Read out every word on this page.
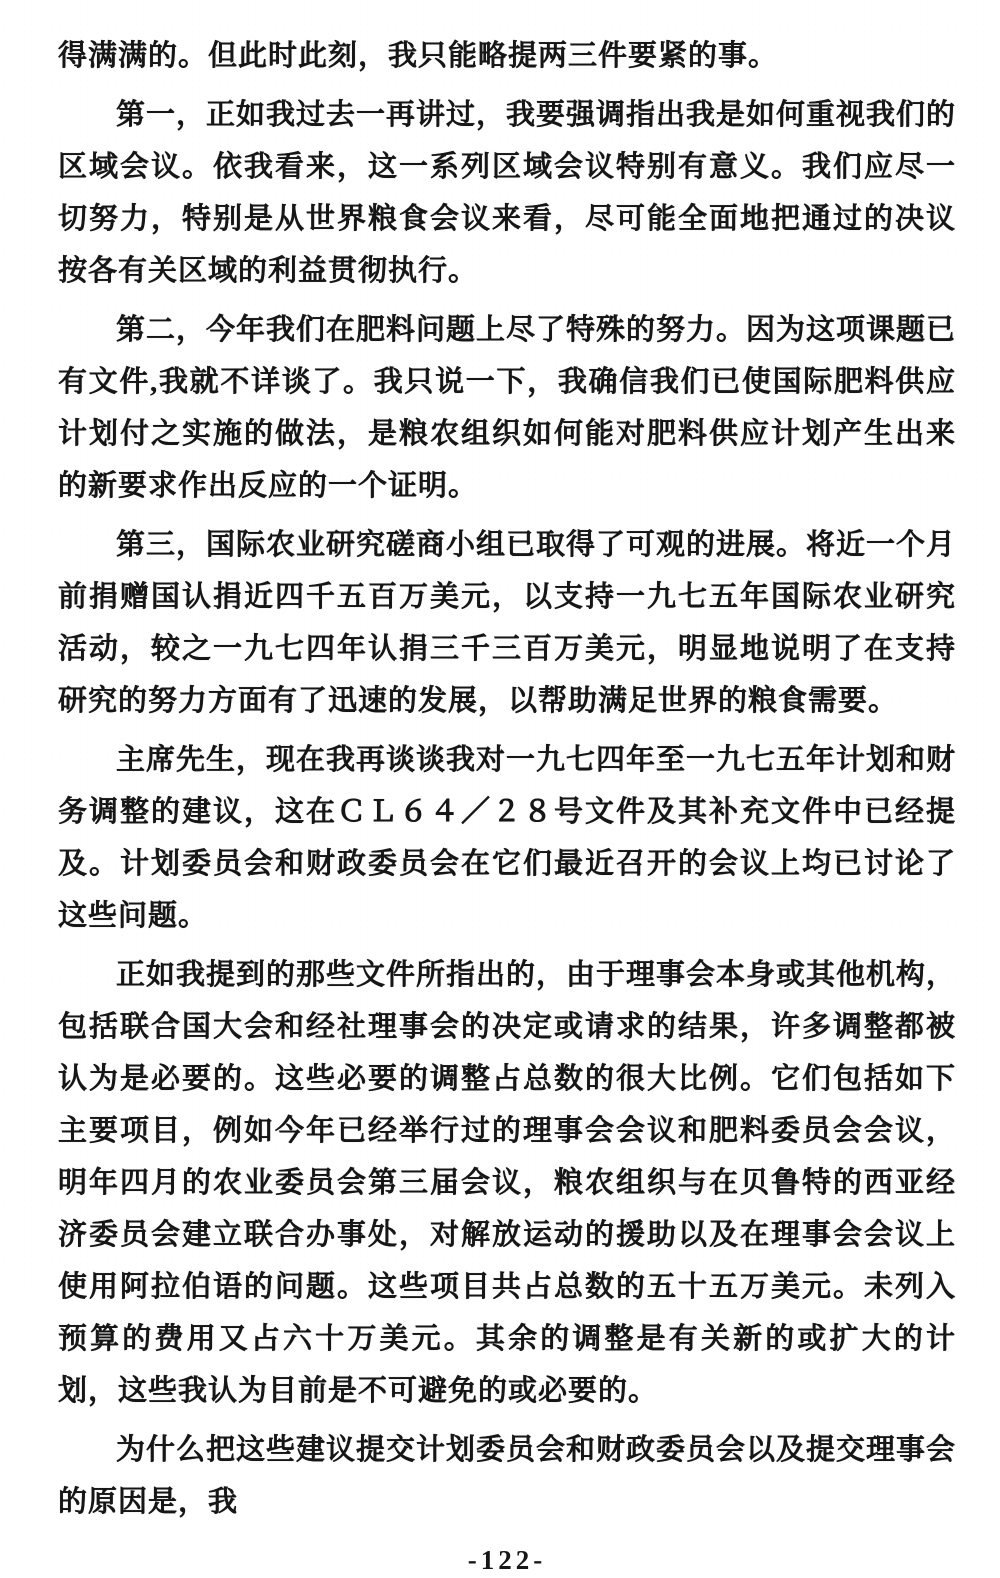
得满满的。但此时此刻，我只能略提两三件要紧的事。

第一，正如我过去一再讲过，我要强调指出我是如何重视我们的区域会议。依我看来，这一系列区域会议特别有意义。我们应尽一切努力，特别是从世界粮食会议来看，尽可能全面地把通过的决议按各有关区域的利益贯彻执行。

第二，今年我们在肥料问题上尽了特殊的努力。因为这项课题已有文件,我就不详谈了。我只说一下，我确信我们已使国际肥料供应计划付之实施的做法，是粮农组织如何能对肥料供应计划产生出来的新要求作出反应的一个证明。

第三，国际农业研究磋商小组已取得了可观的进展。将近一个月前捐赠国认捐近四千五百万美元，以支持一九七五年国际农业研究活动，较之一九七四年认捐三千三百万美元，明显地说明了在支持研究的努力方面有了迅速的发展，以帮助满足世界的粮食需要。

主席先生，现在我再谈谈我对一九七四年至一九七五年计划和财务调整的建议，这在ＣＬ６４／２８号文件及其补充文件中已经提及。计划委员会和财政委员会在它们最近召开的会议上均已讨论了这些问题。

正如我提到的那些文件所指出的，由于理事会本身或其他机构，包括联合国大会和经社理事会的决定或请求的结果，许多调整都被认为是必要的。这些必要的调整占总数的很大比例。它们包括如下主要项目，例如今年已经举行过的理事会会议和肥料委员会会议，明年四月的农业委员会第三届会议，粮农组织与在贝鲁特的西亚经济委员会建立联合办事处，对解放运动的援助以及在理事会会议上使用阿拉伯语的问题。这些项目共占总数的五十五万美元。未列入预算的费用又占六十万美元。其余的调整是有关新的或扩大的计划，这些我认为目前是不可避免的或必要的。

为什么把这些建议提交计划委员会和财政委员会以及提交理事会的原因是，我

-122-
